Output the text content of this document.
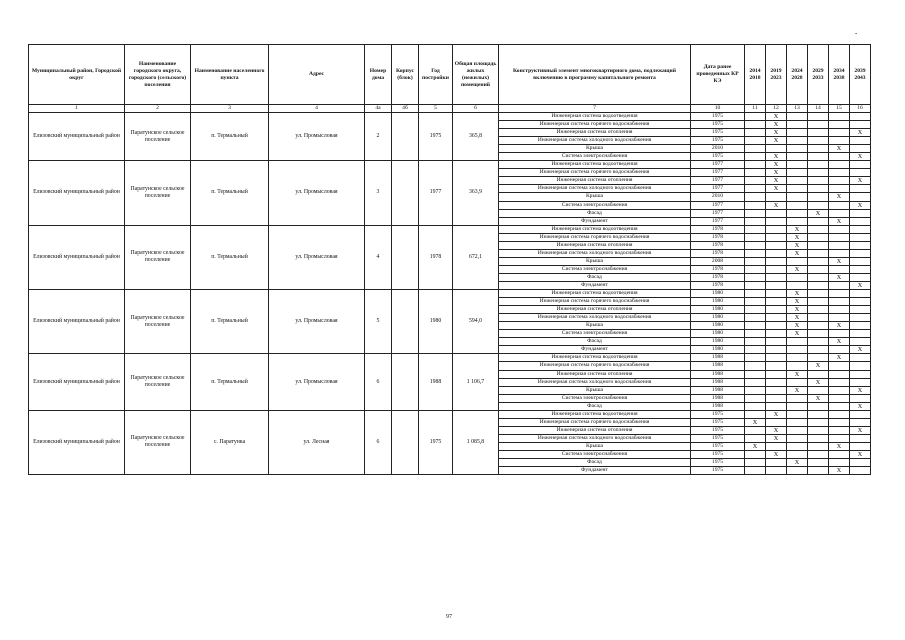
-
Муниципальный район, Городской округ	Наименование городского округа, городского (сельского) поселения	Наименование населенного пункта	Адрес	Номер дома	Корпус (блок)	Год постройки	Общая площадь жилых (нежилых) помещений	Конструктивный элемент многоквартирного дома, подлежащий включению в программу капитального ремонта	Дата ранее проведенных КР КЭ	2014 2018	2019 2023	2024 2028	2029 2033	2034 2038	2039 2043
1	2	3	4	4а	4б	5	6	7	10	11	12	13	14	15	16
Елизовский муниципальный район	Паратунское сельское поселение	п. Термальный	ул. Промысловая	2		1975	365,8	Инженерная система водоотведения	1975		X				
								Инженерная система горячего водоснабжения	1975		X				
								Инженерная система отопления	1975		X				X
								Инженерная система холодного водоснабжения	1975		X				
								Крыша	2010					X	
								Система электроснабжения	1975		X				X
Елизовский муниципальный район	Паратунское сельское поселение	п. Термальный	ул. Промысловая	3		1977	363,9	Инженерная система водоотведения	1977		X				
								Инженерная система горячего водоснабжения	1977		X				
								Инженерная система отопления	1977		X				X
								Инженерная система холодного водоснабжения	1977		X				
								Крыша	2010					X	
								Система электроснабжения	1977		X				X
								Фасад	1977				X		
								Фундамент	1977					X	
Елизовский муниципальный район	Паратунское сельское поселение	п. Термальный	ул. Промысловая	4		1978	672,1	Инженерная система водоотведения	1978			X			
								Инженерная система горячего водоснабжения	1978			X			
								Инженерная система отопления	1978			X			
								Инженерная система холодного водоснабжения	1978			X			
								Крыша	2008					X	
								Система электроснабжения	1978			X			
								Фасад	1978					X	
								Фундамент	1978						X
Елизовский муниципальный район	Паратунское сельское поселение	п. Термальный	ул. Промысловая	5		1980	594,0	Инженерная система водоотведения	1980			X			
								Инженерная система горячего водоснабжения	1980			X			
								Инженерная система отопления	1980			X			
								Инженерная система холодного водоснабжения	1980			X			
								Крыша	1980			X		X	
								Система электроснабжения	1980			X			
								Фасад	1980					X	
								Фундамент	1980						X
Елизовский муниципальный район	Паратунское сельское поселение	п. Термальный	ул. Промысловая	6		1988	1 106,7	Инженерная система водоотведения	1988					X	
								Инженерная система горячего водоснабжения	1988				X		
								Инженерная система отопления	1988			X			
								Инженерная система холодного водоснабжения	1988				X		
								Крыша	1988			X			X
								Система электроснабжения	1988				X		
								Фасад	1988						X
Елизовский муниципальный район	Паратунское сельское поселение	с. Паратунка	ул. Лесная	6		1975	1 085,8	Инженерная система водоотведения	1975		X				
								Инженерная система горячего водоснабжения	1975	X					
								Инженерная система отопления	1975		X				X
								Инженерная система холодного водоснабжения	1975		X				
								Крыша	1975	X				X	
								Система электроснабжения	1975		X				X
								Фасад	1975			X			
								Фундамент	1975					X	
97
